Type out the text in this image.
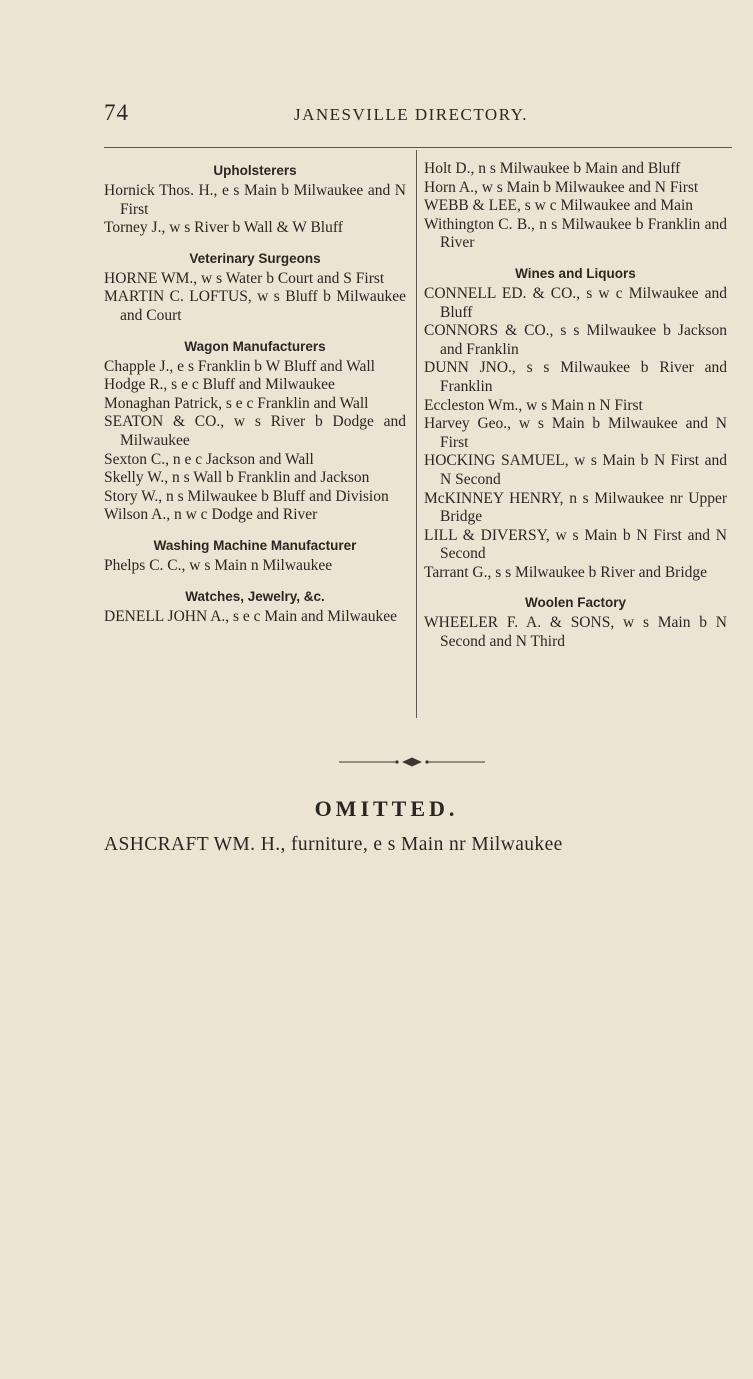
74	JANESVILLE DIRECTORY.
Upholsterers
Hornick Thos. H., e s Main b Milwaukee and N First
Torney J., w s River b Wall & W Bluff
Veterinary Surgeons
HORNE WM., w s Water b Court and S First
MARTIN C. LOFTUS, w s Bluff b Milwaukee and Court
Wagon Manufacturers
Chapple J., e s Franklin b W Bluff and Wall
Hodge R., s e c Bluff and Milwaukee
Monaghan Patrick, s e c Franklin and Wall
SEATON & CO., w s River b Dodge and Milwaukee
Sexton C., n e c Jackson and Wall
Skelly W., n s Wall b Franklin and Jackson
Story W., n s Milwaukee b Bluff and Division
Wilson A., n w c Dodge and River
Washing Machine Manufacturer
Phelps C. C., w s Main n Milwaukee
Watches, Jewelry, &c.
DENELL JOHN A., s e c Main and Milwaukee
Holt D., n s Milwaukee b Main and Bluff
Horn A., w s Main b Milwaukee and N First
WEBB & LEE, s w c Milwaukee and Main
Withington C. B., n s Milwaukee b Franklin and River
Wines and Liquors
CONNELL ED. & CO., s w c Milwaukee and Bluff
CONNORS & CO., s s Milwaukee b Jackson and Franklin
DUNN JNO., s s Milwaukee b River and Franklin
Eccleston Wm., w s Main n N First
Harvey Geo., w s Main b Milwaukee and N First
HOCKING SAMUEL, w s Main b N First and N Second
McKINNEY HENRY, n s Milwaukee nr Upper Bridge
LILL & DIVERSY, w s Main b N First and N Second
Tarrant G., s s Milwaukee b River and Bridge
Woolen Factory
WHEELER F. A. & SONS, w s Main b N Second and N Third
OMITTED.
ASHCRAFT WM. H., furniture, e s Main nr Milwaukee
